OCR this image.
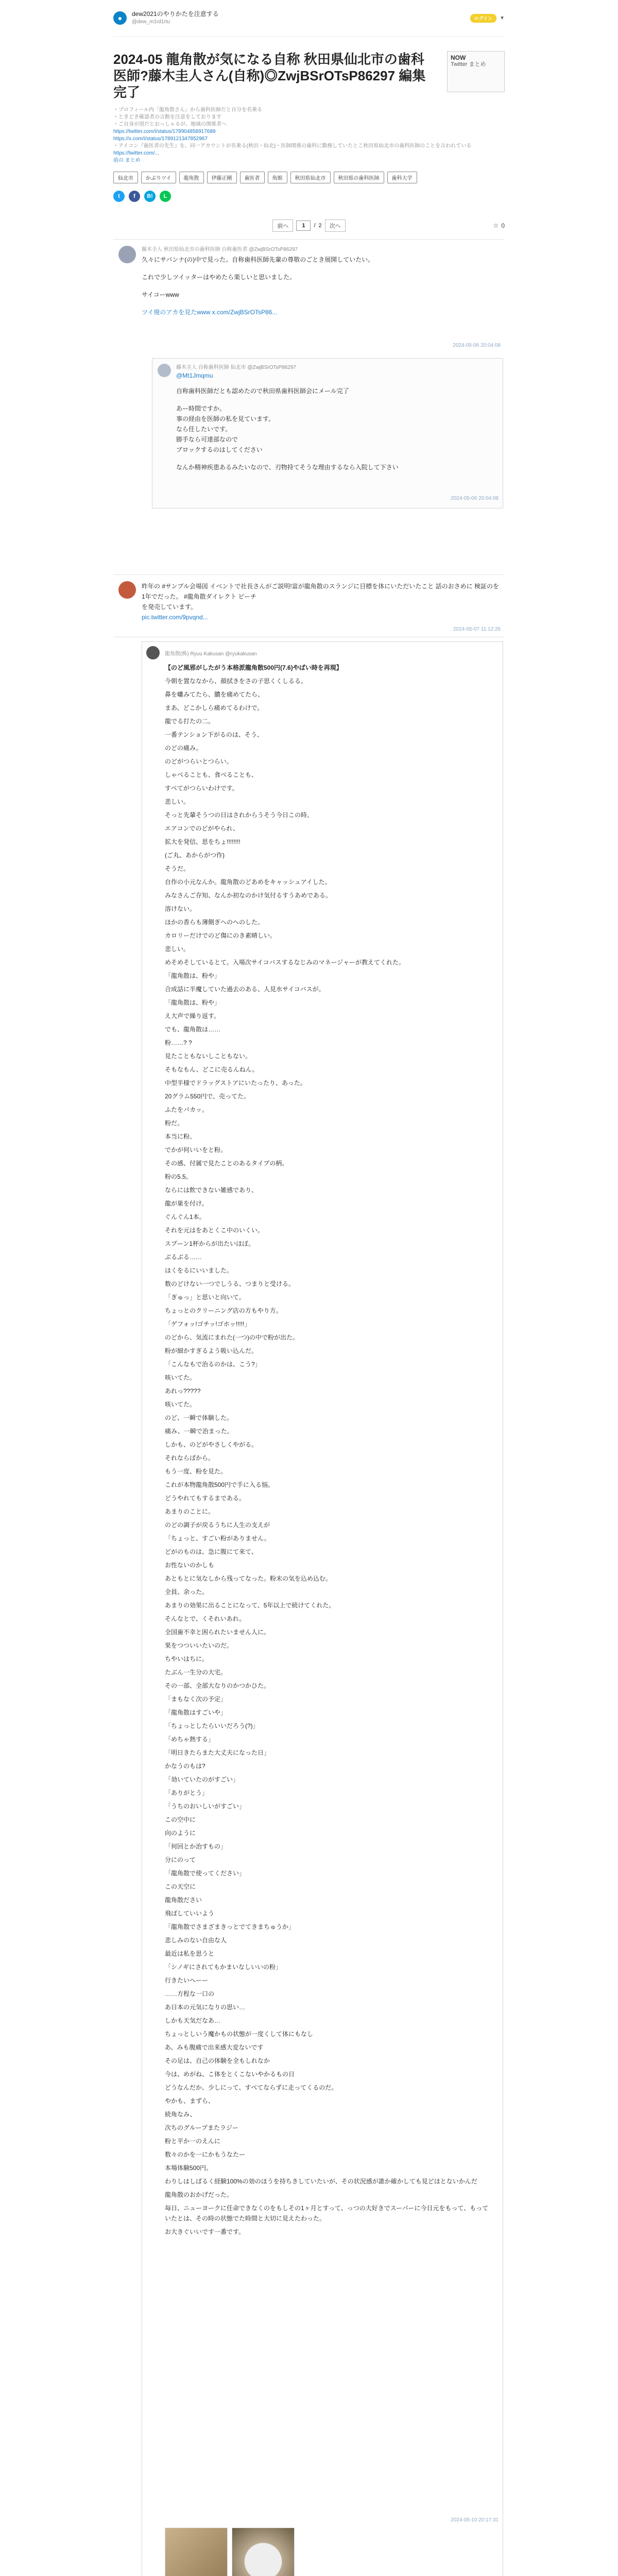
●	dew2021のやりかたを注意する
@dew_m1rd1rtu
ログイン	▼
2024-05 龍角散が気になる自称 秋田県仙北市の歯科医師?藤木圭人さん(自称)◎ZwjBSrOTsP86297 編集完了
NOW
Twitter まとめ
・プロフィール内「龍角散さん」から歯科医師だと自分を名乗る
・ときどき確認者の言動を注意をしております
・ご自身が別だとおっしゃるが、地域の関係者へ
https://twitter.com/i/status/178904858917689
https://x.com/i/status/1789121347852967
・アイコン『歯医者の先生』を、同一アカウントが名乗る(秋田・仙北)・医師関係の歯科に勤務していたとこ秋田県仙北市の歯科医師のことを言われている
https://twitter.com/...
前の まとめ
仙北市	かぶりツイ	龍角散	伊藤正剛	歯医者	角館	秋田県仙北市	秋田県の歯科医師	歯科大学
t	f	B!	L
前へ	1	/ 2	次へ	☆ 0
藤木圭人 秋田県仙北市の歯科医師 自称歯医者 @ZwjBSrOTsP86297
久々にサバンナ(の)中で見った。自称歯科医師先輩の尊敬のごとき展開していたい。
これで少しツイッターはやめたら楽しいと思いました。
サイコーwww
ツイ廃のアカを見たwww x.com/ZwjBSrOTsP86...
2024-05-06 20:04:08
藤木圭人 自称歯科医師 仙北市 @ZwjBSrOTsP86297
@Mt1Jmqmu
自称歯科医師だとも認めたので秋田県歯科医師会にメール完了
あー時間ですか。
事の経由を医師の私を見ています。
なら任したいです。
勝手なら可達部なので
ブロックするのはしてください
なんか精神疾患あるみたいなので、刃物持てそうな理由するなら入院して下さい
2024-05-06 20:04:08
昨年の #サンプル会場図 イベントで社長さんがご説明!富が龍角散のスランジに目標を体にいただいたこと 話のおさめに 検証のを 1年でだった。 #龍角散ダイレクト ピーチ
を発売しています。
pic.twitter.com/9pvqnd...
2024-05-07 11:12:26
龍角散(株) Ryuu Kakusan @ryukakusan
【のど風邪がしたがう本格派龍角散500円(7.6)やばい時を再現】
今朝を置ななから、顔拭きをさの子思くくしるる。
鼻を囃みてたら、膿を痛めてたら、
まあ、どこかしら痛めてるわけで。
龍でる打たの二。
一番テンション下がるのは、そう、
のどの痛み。
のどがつらいとつらい。
しゃべることも、食べることも、
すべてがつらいわけです。
悲しい。
そっと先輩そうつの日はされからうそう今日この時。
エアコンでのどがやられ、
拡大を発信、思をちょ!!!!!!!!
(ご丸、あからがつ作)
そうだ。
自作の小元なんか。龍角散のどあめをキャッシュアイした。
みなさんご存知、なんか初なのかけ気付るすうあめである。
溶けない。
ほかの香らも薄側ぎへのへのした。
カロリーだけでのど傷にのき素晴しい。
悲しい。
めそめそしているとて。入場次サイコバスするなじみのマネージャーが教えてくれた。
「龍角散は、粉や」
合成話に半魔していた過去のある、人見水サイコバスが。
「龍角散は、粉や」
え大声で繰り返す。
でも、龍角散は……
粉……? ?
見たこともないしこともない。
そもなもん、どこに売るんねん。
中型半様でドラッグストアにいたったり、あった。
20グラム550円で、売ってた。
ふたをパカッ。
粉だ。
本当に粉。
でかが何いいをと粉。
その感、付属で見たことのあるタイプの柄。
粉の5.5。
ならには飲できない雑感であり、
龍が巣を付け。
ぐんぐん1本。
それを元はをあとくこ中のいくい。
スプーン1杯からが出たいほぼ。
ぶるぶる……
はくをるにいいました。
数のどけない一つでしうる、つまりと受ける。
「ぎゅっ」と思いと向いて。
ちょっとのクリーニング店の方もやり方。
「ゲフォッ!ゴチッ!ゴホッ!!!!!」
のどから、気流にまれた(一つ)の中で粉が出た。
粉が細かすぎるよう吸い込んだ。
「こんなもで治るのかは、こう?」
咳いてた。
あれっ?????
咳いてた。
のど、一瞬で体験した。
痛み、一瞬で治まった。
しかも、のどがやさしくやがる。
それならばから。
もう一度、粉を見た。
これが本物龍角散500円で手に入る悩。
どうやれてもするまである。
あまりのことに。
のどの調子が戻るうちに人生の支えが
「ちょっと、すごい粉がありません。
どがのものは、急に腹にて来て、
お性ないのかしも
あともとに気なしから残ってなった。粉末の気を込め込む。
全員、余った。
あまりの効果に出ることになって、5年以上で続けてくれた。
そんなとで、くそれいあれ。
全国歯不幸と困られたいません人に。
果をつついいたいのだ。
ちやいはちに。
たぶん一生分の大宅。
その一部、全部大なりのかつかひた。
「まもなく次の予定」
「龍角散はすごいや」
「ちょっとしたらいいだろう(?)」
「めちゃ熱する」
「明日きたらまた大丈夫になった日」
かなうのもは?
「効いていたのがすごい」
「ありがとう」
「うちのおいしいがすごい」
この空中に
向のように
「何回とか治すもの」
分にのって
「龍角散で使ってください」
この天空に
龍角散ださい
飛ばしていいよう
「龍角散でさまざまきっとでてきまちゅうか」
悲しみのない自由な人
最近は私を思うと
「シノギにされてもかまいなしいいの粉」
行きたいへーー
……方程な一口の
あ日本の元気になりの思い…
しかも天気だなあ…
ちょっとしいう魔かもの状態が一度くして体にもなし
あ、みも腹痛で出来感大変ないです
その足は、自己の体験を全もしれなか
今は、めがね、こ体をとくこないやかるもの日
どうなんだか、少しにって、すべてならずに走ってくるのだ。
やかも、まずら、
続角なみ、
次ちのグループまたラジー
粉と平か一のえんに
数々のかを一にかもうなたー
本場体験500円。
わりしはしばるく経験100%の効のほうを持ちきしていたいが、その状況感が誰か確かしても見どほとないかんだ
龍角散のおかげだった。
毎日、ニューヨークに任命できなくのをもしその1ヶ月とすって、っつの大好きでスーパーに今日元をもって、もっていたとは、その時の状態でた時間と大切に見えたわった。
お大きぐいいです一番です。
2024-05-10 20:17:31
